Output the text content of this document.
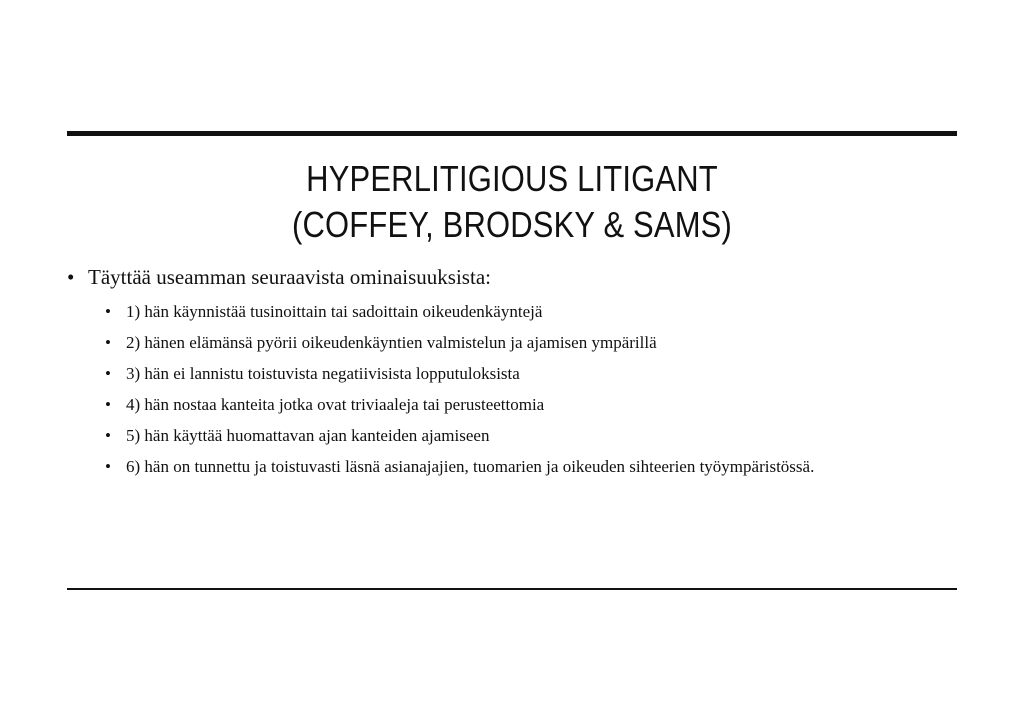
HYPERLITIGIOUS LITIGANT
(COFFEY, BRODSKY & SAMS)

• Täyttää useamman seuraavista ominaisuuksista:

• 1) hän käynnistää tusinoittain tai sadoittain oikeudenkäyntejä
• 2) hänen elämänsä pyörii oikeudenkäyntien valmistelun ja ajamisen ympärillä
• 3) hän ei lannistu toistuvista negatiivisista lopputuloksista
• 4) hän nostaa kanteita jotka ovat triviaaleja tai perusteettomia
• 5) hän käyttää huomattavan ajan kanteiden ajamiseen
• 6) hän on tunnettu ja toistuvasti läsnä asianajajien, tuomarien ja oikeuden sihteerien työympäristössä.
